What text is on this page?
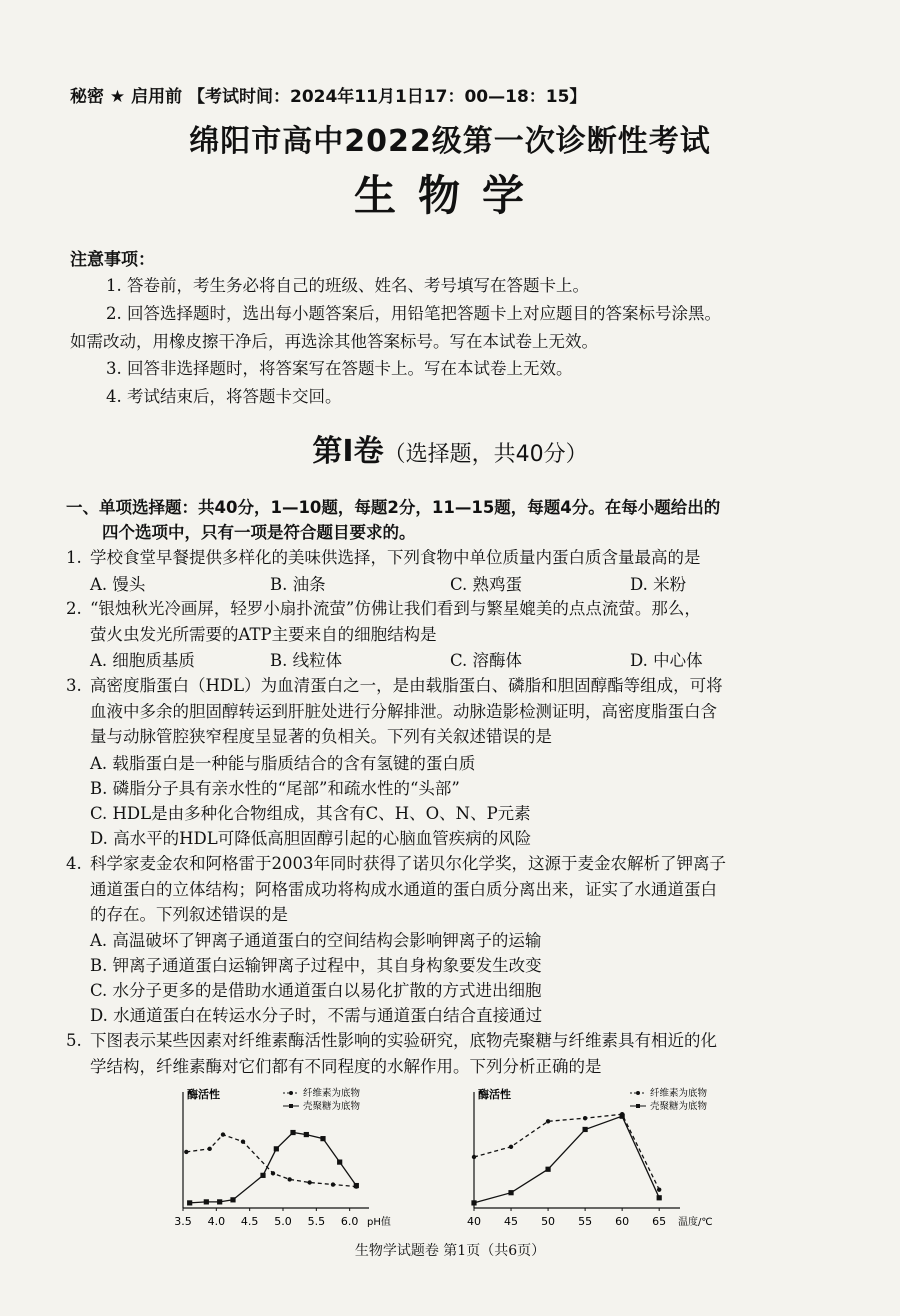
秘密 ★ 启用前 【考试时间：2024年11月1日17：00—18：15】
绵阳市高中2022级第一次诊断性考试
生物学
注意事项：
1. 答卷前，考生务必将自己的班级、姓名、考号填写在答题卡上。
2. 回答选择题时，选出每小题答案后，用铅笔把答题卡上对应题目的答案标号涂黑。
如需改动，用橡皮擦干净后，再选涂其他答案标号。写在本试卷上无效。
3. 回答非选择题时，将答案写在答题卡上。写在本试卷上无效。
4. 考试结束后，将答题卡交回。
第Ⅰ卷（选择题，共40分）
一、单项选择题：共40分，1—10题，每题2分，11—15题，每题4分。在每小题给出的
四个选项中，只有一项是符合题目要求的。
1. 学校食堂早餐提供多样化的美味供选择，下列食物中单位质量内蛋白质含量最高的是
A. 馒头	B. 油条	C. 熟鸡蛋	D. 米粉
2. “银烛秋光冷画屏，轻罗小扇扑流萤”仿佛让我们看到与繁星媲美的点点流萤。那么，
萤火虫发光所需要的ATP主要来自的细胞结构是
A. 细胞质基质	B. 线粒体	C. 溶酶体	D. 中心体
3. 高密度脂蛋白（HDL）为血清蛋白之一，是由载脂蛋白、磷脂和胆固醇酯等组成，可将
血液中多余的胆固醇转运到肝脏处进行分解排泄。动脉造影检测证明，高密度脂蛋白含
量与动脉管腔狭窄程度呈显著的负相关。下列有关叙述错误的是
A. 载脂蛋白是一种能与脂质结合的含有氢键的蛋白质
B. 磷脂分子具有亲水性的“尾部”和疏水性的“头部”
C. HDL是由多种化合物组成，其含有C、H、O、N、P元素
D. 高水平的HDL可降低高胆固醇引起的心脑血管疾病的风险
4. 科学家麦金农和阿格雷于2003年同时获得了诺贝尔化学奖，这源于麦金农解析了钾离子
通道蛋白的立体结构；阿格雷成功将构成水通道的蛋白质分离出来，证实了水通道蛋白
的存在。下列叙述错误的是
A. 高温破坏了钾离子通道蛋白的空间结构会影响钾离子的运输
B. 钾离子通道蛋白运输钾离子过程中，其自身构象要发生改变
C. 水分子更多的是借助水通道蛋白以易化扩散的方式进出细胞
D. 水通道蛋白在转运水分子时，不需与通道蛋白结合直接通过
5. 下图表示某些因素对纤维素酶活性影响的实验研究，底物壳聚糖与纤维素具有相近的化
学结构，纤维素酶对它们都有不同程度的水解作用。下列分析正确的是
酶活性
pH值
3.5 4.0 4.5 5.0 5.5 6.0
纤维素为底物
壳聚糖为底物
酶活性
温度/℃
40 45 50 55 60 65
纤维素为底物
壳聚糖为底物
生物学试题卷 第1页（共6页）
